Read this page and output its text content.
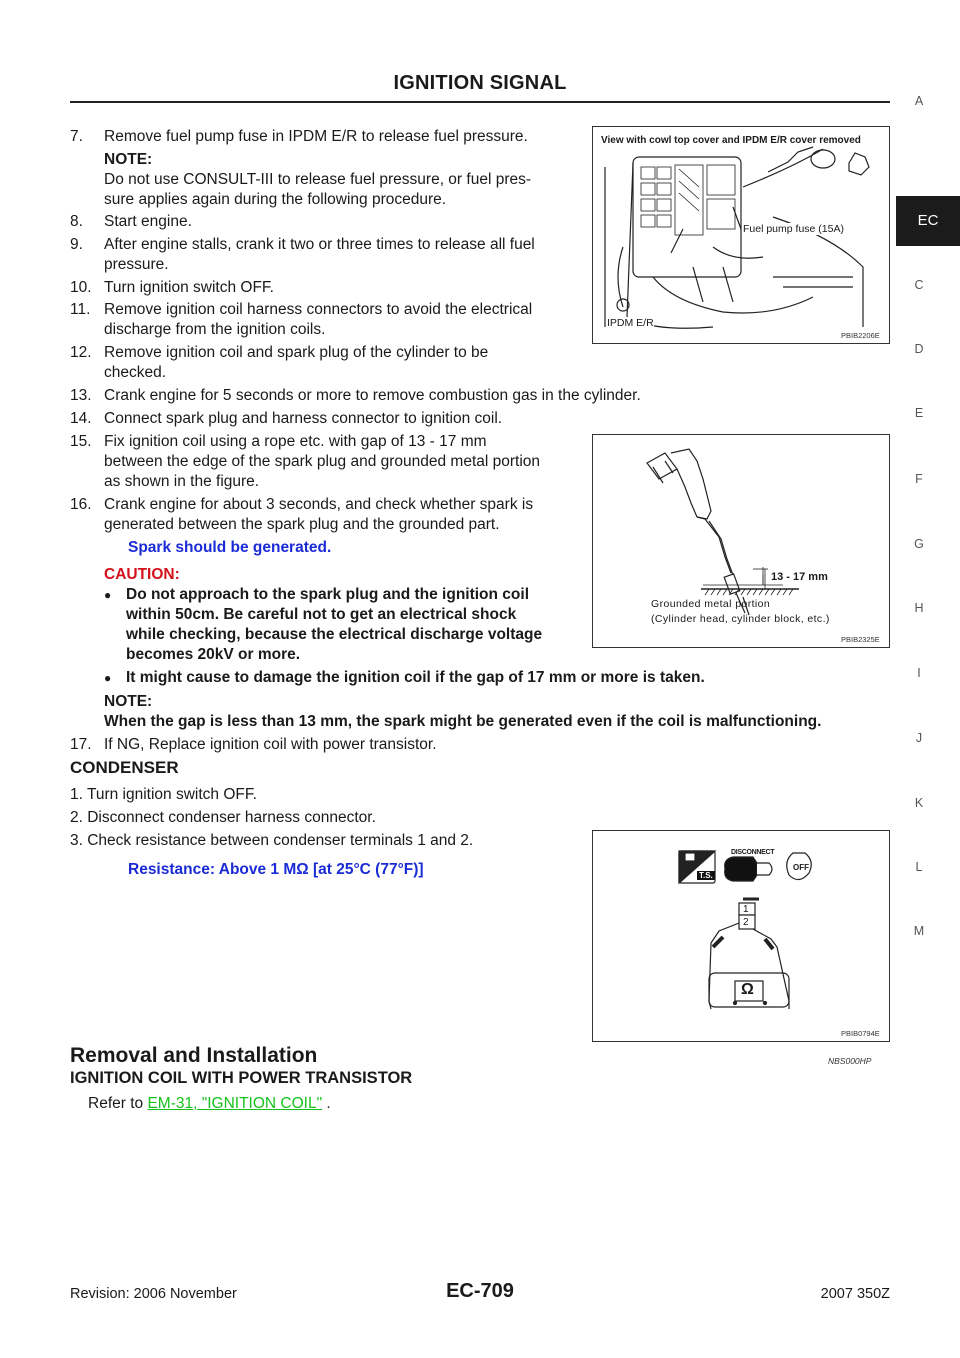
IGNITION SIGNAL
7. Remove fuel pump fuse in IPDM E/R to release fuel pressure.
NOTE:
Do not use CONSULT-III to release fuel pressure, or fuel pres-
sure applies again during the following procedure.
8. Start engine.
9. After engine stalls, crank it two or three times to release all fuel
pressure.
10. Turn ignition switch OFF.
11. Remove ignition coil harness connectors to avoid the electrical
discharge from the ignition coils.
12. Remove ignition coil and spark plug of the cylinder to be
checked.
13. Crank engine for 5 seconds or more to remove combustion gas in the cylinder.
14. Connect spark plug and harness connector to ignition coil.
15. Fix ignition coil using a rope etc. with gap of 13 - 17 mm
between the edge of the spark plug and grounded metal portion
as shown in the figure.
16. Crank engine for about 3 seconds, and check whether spark is
generated between the spark plug and the grounded part.
Spark should be generated.
CAUTION:
● Do not approach to the spark plug and the ignition coil
within 50cm. Be careful not to get an electrical shock
while checking, because the electrical discharge voltage
becomes 20kV or more.
● It might cause to damage the ignition coil if the gap of 17 mm or more is taken.
NOTE:
When the gap is less than 13 mm, the spark might be generated even if the coil is malfunctioning.
17. If NG, Replace ignition coil with power transistor.
CONDENSER
1. Turn ignition switch OFF.
2. Disconnect condenser harness connector.
3. Check resistance between condenser terminals 1 and 2.
Resistance: Above 1 MΩ [at 25°C (77°F)]
Removal and Installation	NBS000HP
IGNITION COIL WITH POWER TRANSISTOR
Refer to EM-31, "IGNITION COIL" .
View with cowl top cover and IPDM E/R cover removed
Fuel pump fuse (15A)
IPDM E/R
PBIB2206E
13 - 17 mm
Grounded metal portion
(Cylinder head, cylinder block, etc.)
PBIB2325E
DISCONNECT
T.S.
OFF
1
2
Ω
PBIB0794E
A
EC
C
D
E
F
G
H
I
J
K
L
M
Revision: 2006 November	EC-709	2007 350Z
